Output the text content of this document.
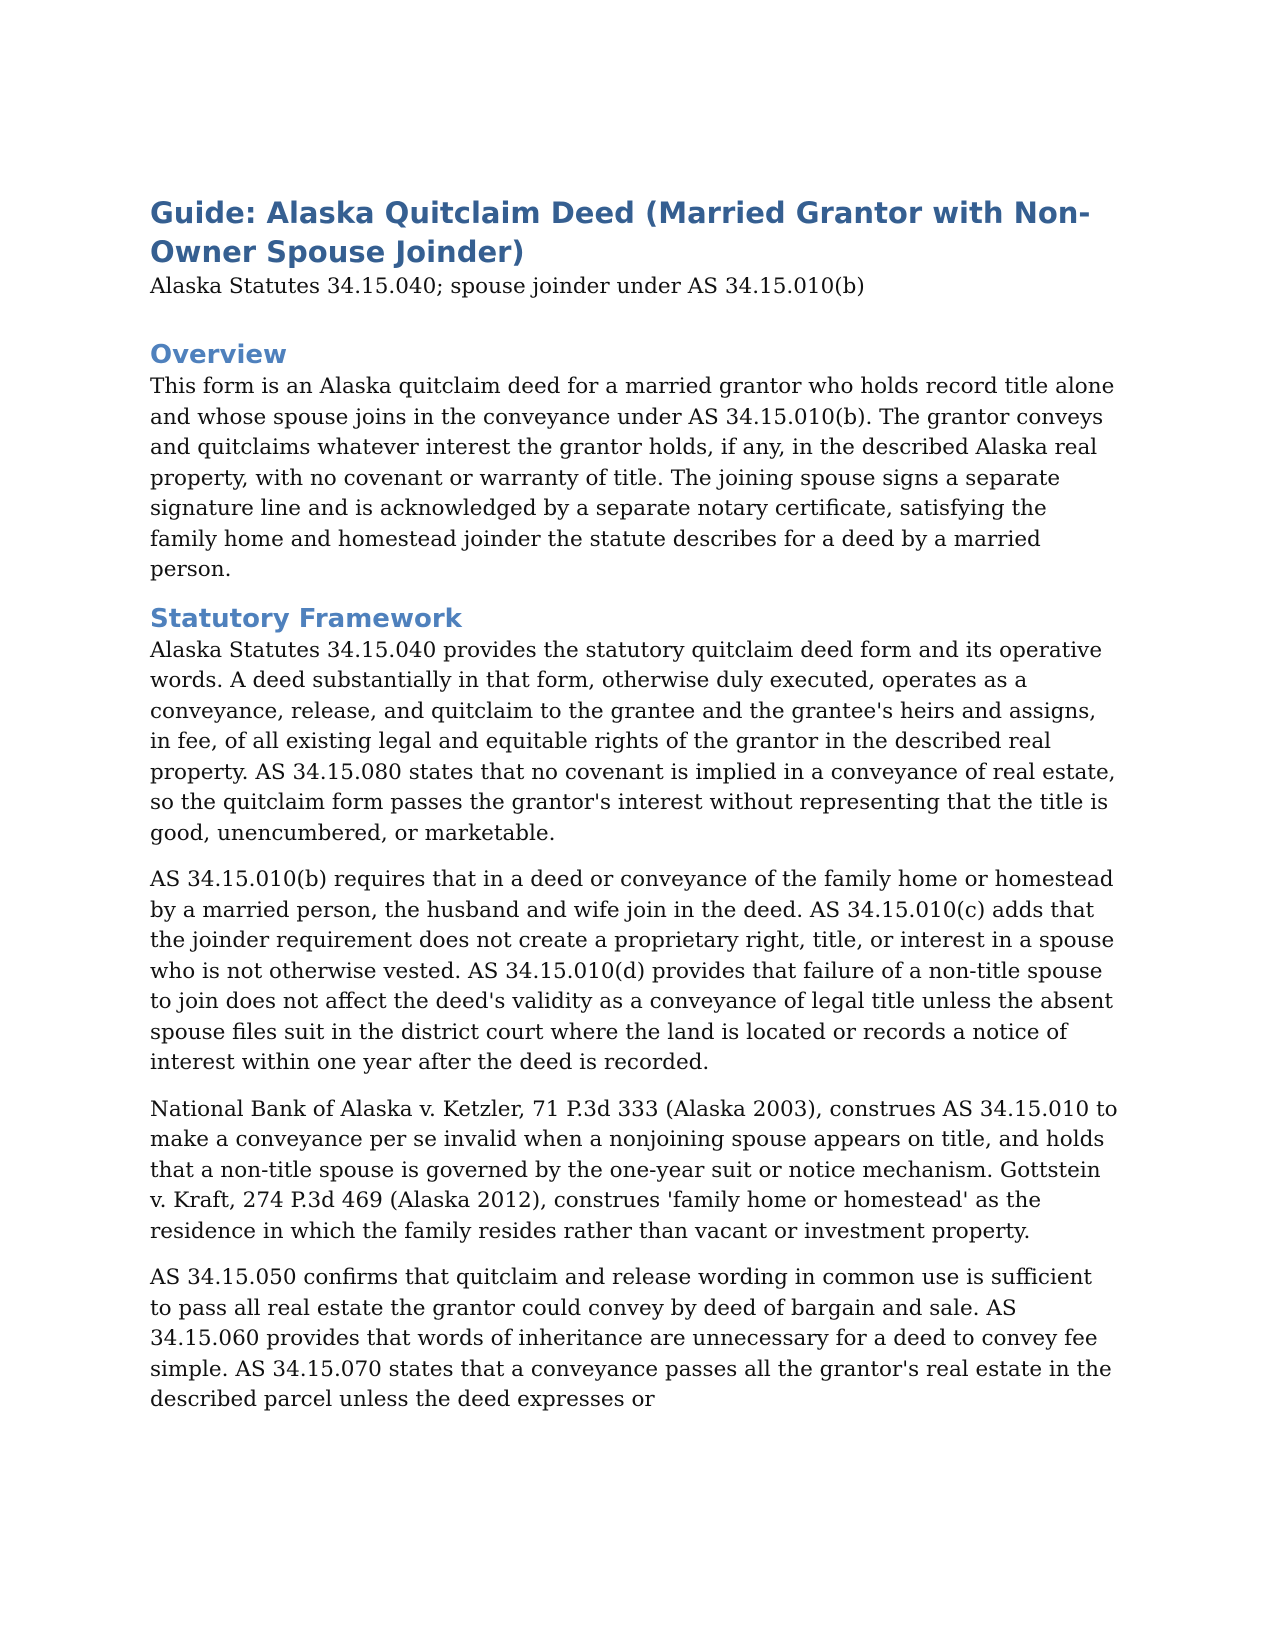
Guide: Alaska Quitclaim Deed (Married Grantor with Non-Owner Spouse Joinder)

Alaska Statutes 34.15.040; spouse joinder under AS 34.15.010(b)

Overview

This form is an Alaska quitclaim deed for a married grantor who holds record title alone and whose spouse joins in the conveyance under AS 34.15.010(b). The grantor conveys and quitclaims whatever interest the grantor holds, if any, in the described Alaska real property, with no covenant or warranty of title. The joining spouse signs a separate signature line and is acknowledged by a separate notary certificate, satisfying the family home and homestead joinder the statute describes for a deed by a married person.

Statutory Framework

Alaska Statutes 34.15.040 provides the statutory quitclaim deed form and its operative words. A deed substantially in that form, otherwise duly executed, operates as a conveyance, release, and quitclaim to the grantee and the grantee's heirs and assigns, in fee, of all existing legal and equitable rights of the grantor in the described real property. AS 34.15.080 states that no covenant is implied in a conveyance of real estate, so the quitclaim form passes the grantor's interest without representing that the title is good, unencumbered, or marketable.

AS 34.15.010(b) requires that in a deed or conveyance of the family home or homestead by a married person, the husband and wife join in the deed. AS 34.15.010(c) adds that the joinder requirement does not create a proprietary right, title, or interest in a spouse who is not otherwise vested. AS 34.15.010(d) provides that failure of a non-title spouse to join does not affect the deed's validity as a conveyance of legal title unless the absent spouse files suit in the district court where the land is located or records a notice of interest within one year after the deed is recorded.

National Bank of Alaska v. Ketzler, 71 P.3d 333 (Alaska 2003), construes AS 34.15.010 to make a conveyance per se invalid when a nonjoining spouse appears on title, and holds that a non-title spouse is governed by the one-year suit or notice mechanism. Gottstein v. Kraft, 274 P.3d 469 (Alaska 2012), construes 'family home or homestead' as the residence in which the family resides rather than vacant or investment property.

AS 34.15.050 confirms that quitclaim and release wording in common use is sufficient to pass all real estate the grantor could convey by deed of bargain and sale. AS 34.15.060 provides that words of inheritance are unnecessary for a deed to convey fee simple. AS 34.15.070 states that a conveyance passes all the grantor's real estate in the described parcel unless the deed expresses or
